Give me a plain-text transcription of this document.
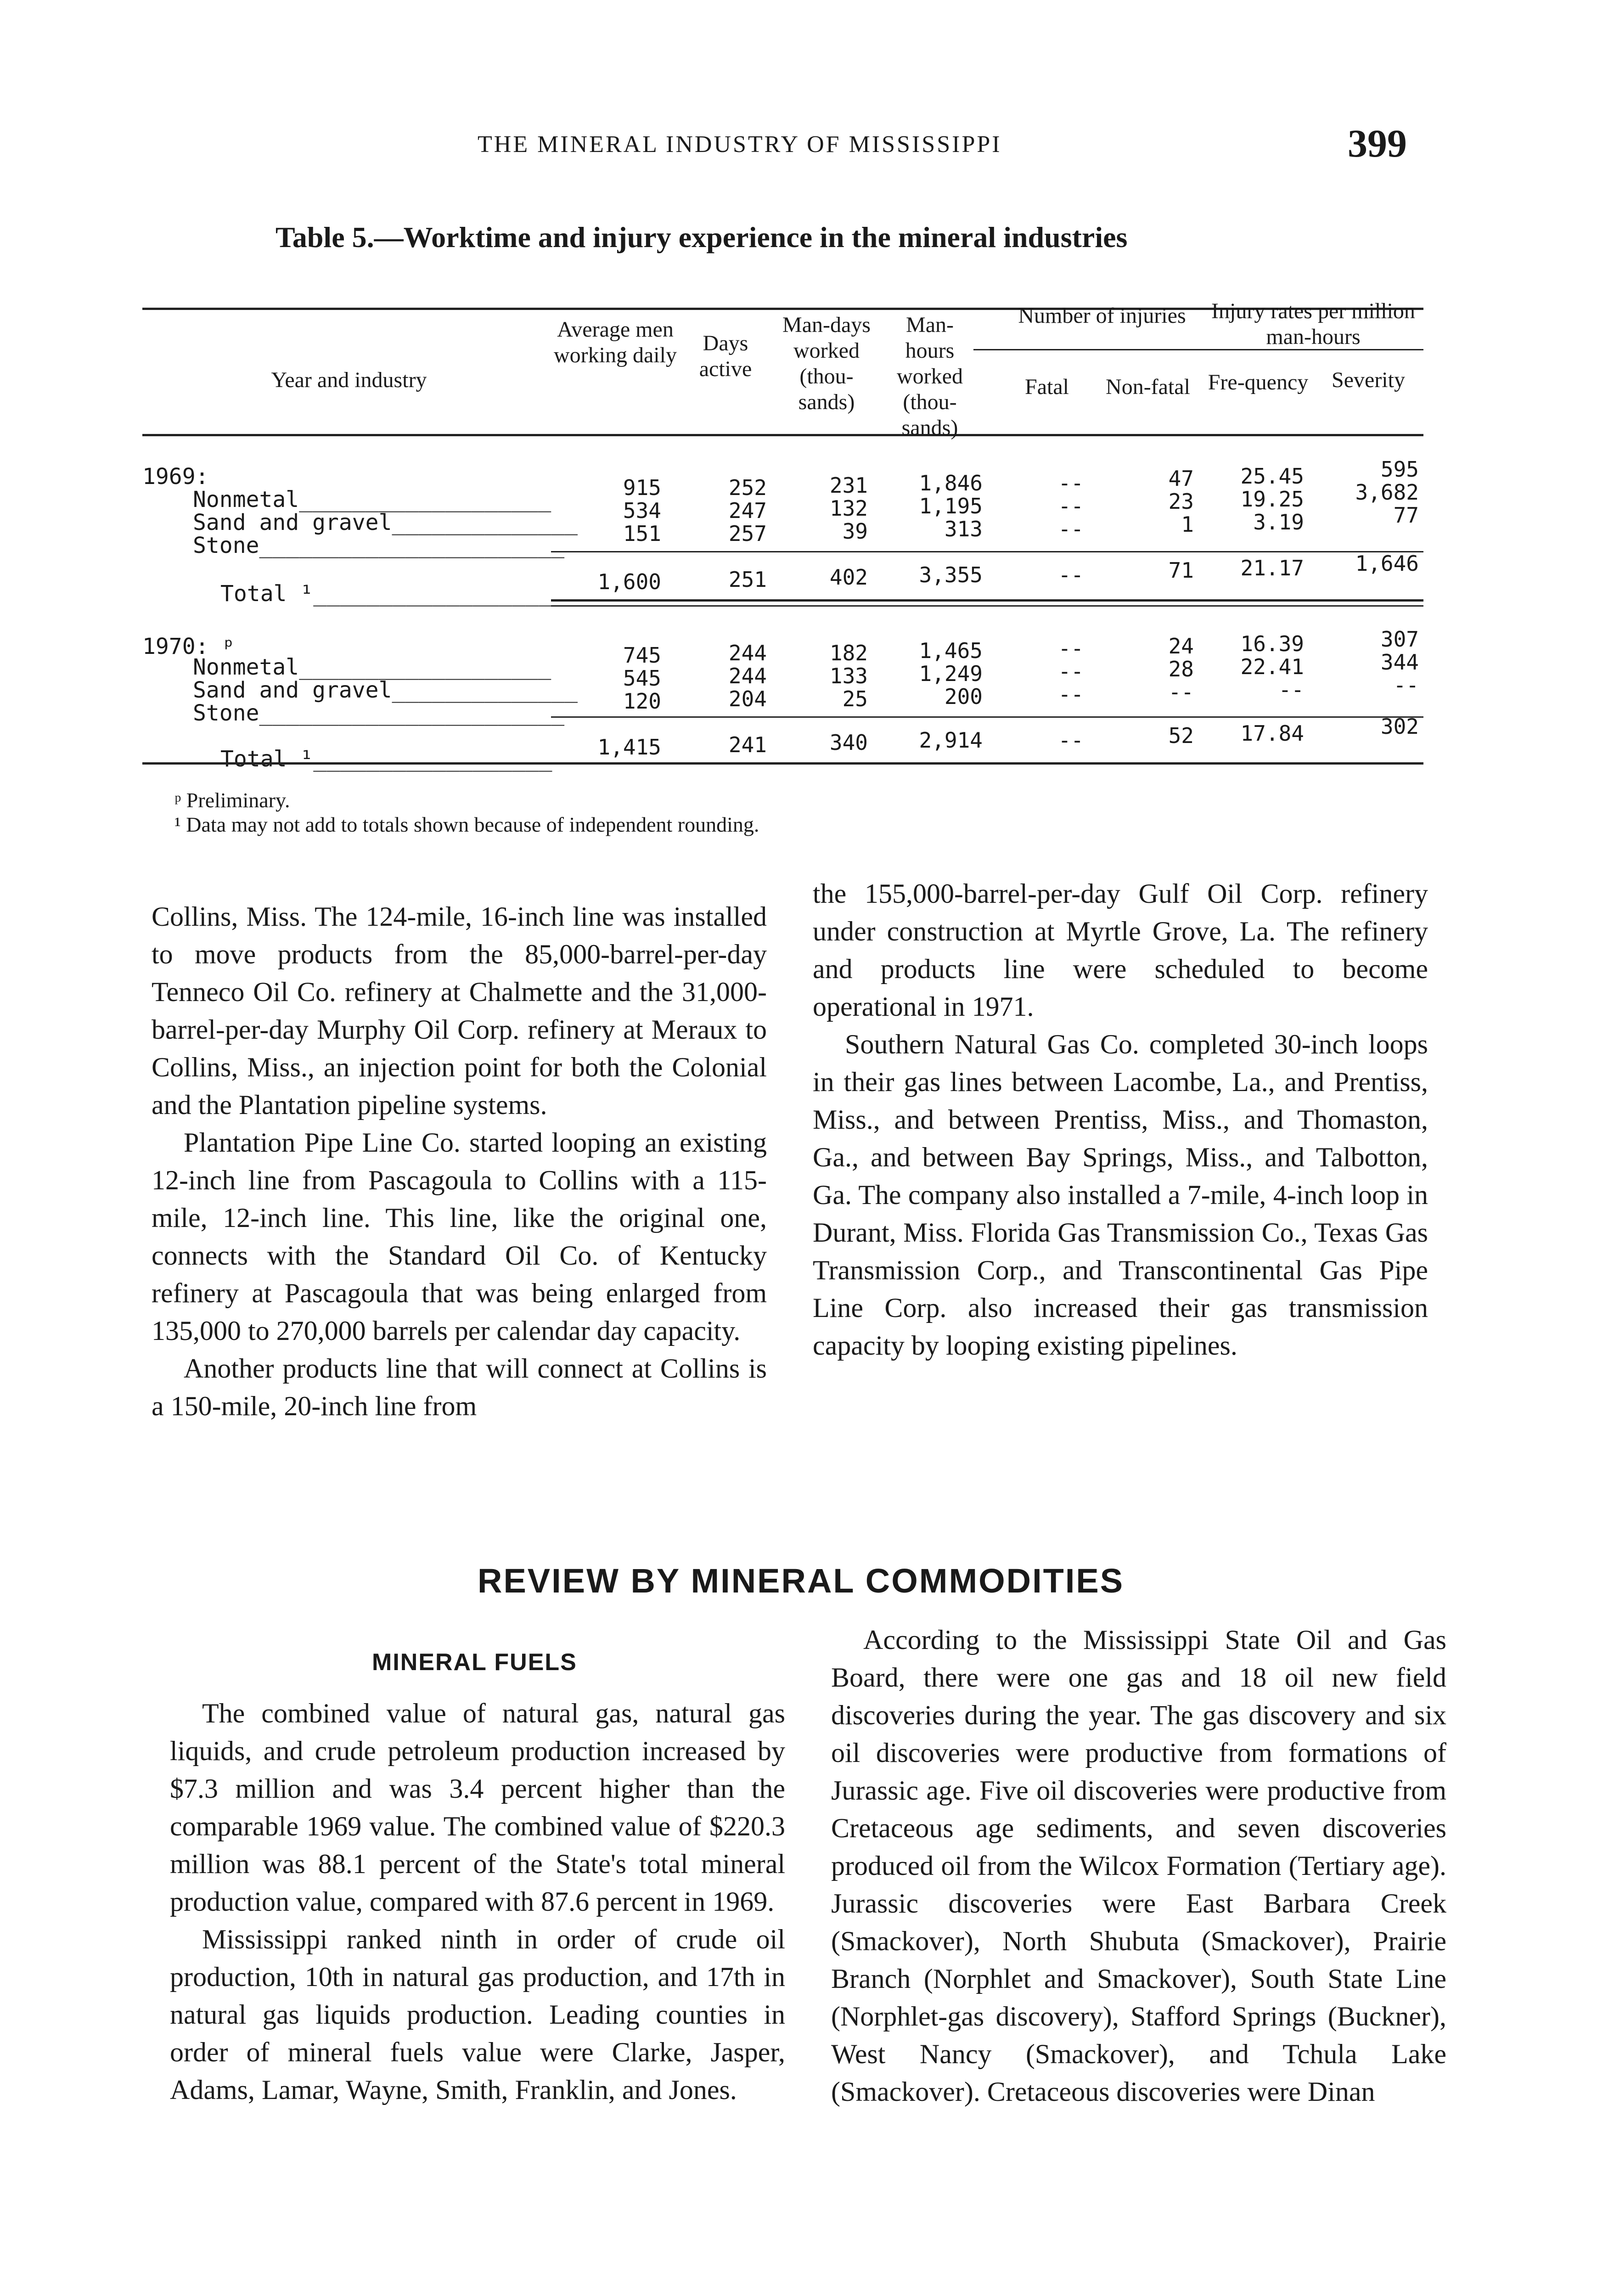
THE MINERAL INDUSTRY OF MISSISSIPPI	399
Table 5.—Worktime and injury experience in the mineral industries
Year and industry
Average men working daily	Days active
Man-days worked (thou-sands)
Man-hours worked (thou-sands)
Number of injuries
Fatal	Non-fatal
Injury rates per million man-hours
Fre-quency	Severity
1969:
Nonmetal___________________	915	252	231	1,846	--	47	25.45	595
Sand and gravel______________	534	247	132	1,195	--	23	19.25	3,682
Stone_______________________	151	257	39	313	--	1	3.19	77
Total ¹__________________	1,600	251	402	3,355	--	71	21.17	1,646
1970: ᵖ
Nonmetal___________________	745	244	182	1,465	--	24	16.39	307
Sand and gravel______________	545	244	133	1,249	--	28	22.41	344
Stone_______________________	120	204	25	200	--	--	--	--
Total ¹__________________	1,415	241	340	2,914	--	52	17.84	302
ᵖ Preliminary.
¹ Data may not add to totals shown because of independent rounding.

Collins, Miss. The 124-mile, 16-inch line was installed to move products from the 85,000-barrel-per-day Tenneco Oil Co. refinery at Chalmette and the 31,000-barrel-per-day Murphy Oil Corp. refinery at Meraux to Collins, Miss., an injection point for both the Colonial and the Plantation pipeline systems.

Plantation Pipe Line Co. started looping an existing 12-inch line from Pascagoula to Collins with a 115-mile, 12-inch line. This line, like the original one, connects with the Standard Oil Co. of Kentucky refinery at Pascagoula that was being enlarged from 135,000 to 270,000 barrels per calendar day capacity.

Another products line that will connect at Collins is a 150-mile, 20-inch line from

the 155,000-barrel-per-day Gulf Oil Corp. refinery under construction at Myrtle Grove, La. The refinery and products line were scheduled to become operational in 1971.

Southern Natural Gas Co. completed 30-inch loops in their gas lines between Lacombe, La., and Prentiss, Miss., and between Prentiss, Miss., and Thomaston, Ga., and between Bay Springs, Miss., and Talbotton, Ga. The company also installed a 7-mile, 4-inch loop in Durant, Miss. Florida Gas Transmission Co., Texas Gas Transmission Corp., and Transcontinental Gas Pipe Line Corp. also increased their gas transmission capacity by looping existing pipelines.

REVIEW BY MINERAL COMMODITIES
MINERAL FUELS

The combined value of natural gas, natural gas liquids, and crude petroleum production increased by $7.3 million and was 3.4 percent higher than the comparable 1969 value. The combined value of $220.3 million was 88.1 percent of the State's total mineral production value, compared with 87.6 percent in 1969.

Mississippi ranked ninth in order of crude oil production, 10th in natural gas production, and 17th in natural gas liquids production. Leading counties in order of mineral fuels value were Clarke, Jasper, Adams, Lamar, Wayne, Smith, Franklin, and Jones.

According to the Mississippi State Oil and Gas Board, there were one gas and 18 oil new field discoveries during the year. The gas discovery and six oil discoveries were productive from formations of Jurassic age. Five oil discoveries were productive from Cretaceous age sediments, and seven discoveries produced oil from the Wilcox Formation (Tertiary age). Jurassic discoveries were East Barbara Creek (Smackover), North Shubuta (Smackover), Prairie Branch (Norphlet and Smackover), South State Line (Norphlet-gas discovery), Stafford Springs (Buckner), West Nancy (Smackover), and Tchula Lake (Smackover). Cretaceous discoveries were Dinan
